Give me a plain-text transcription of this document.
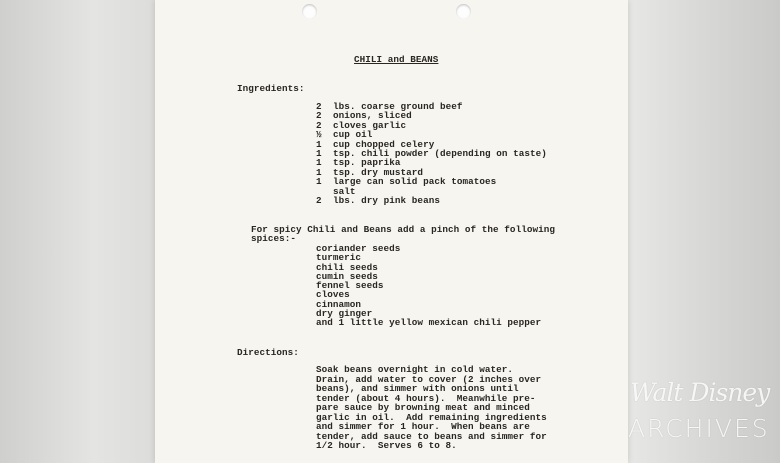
CHILI and BEANS
Ingredients:
2 lbs. coarse ground beef
2 onions, sliced
2 cloves garlic
½ cup oil
1 cup chopped celery
1 tsp. chili powder (depending on taste)
1 tsp. paprika
1 tsp. dry mustard
1 large can solid pack tomatoes
salt
2 lbs. dry pink beans
For spicy Chili and Beans add a pinch of the following
spices:-
coriander seeds
turmeric
chili seeds
cumin seeds
fennel seeds
cloves
cinnamon
dry ginger
and 1 little yellow mexican chili pepper
Directions:
Soak beans overnight in cold water.
Drain, add water to cover (2 inches over
beans), and simmer with onions until
tender (about 4 hours).  Meanwhile pre-
pare sauce by browning meat and minced
garlic in oil.  Add remaining ingredients
and simmer for 1 hour.  When beans are
tender, add sauce to beans and simmer for
1/2 hour.  Serves 6 to 8.
Walt Disney
ARCHIVES
